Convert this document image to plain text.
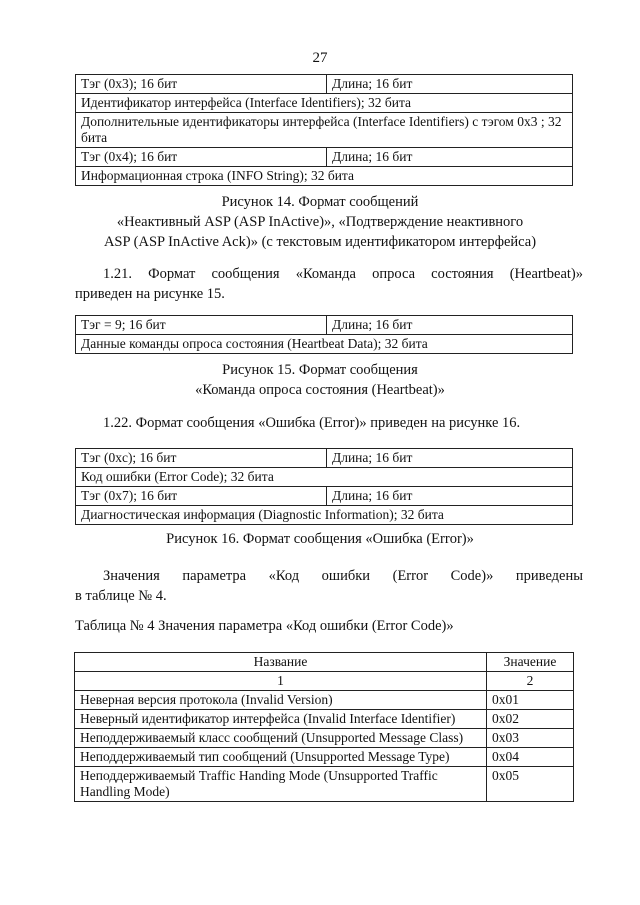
27
Тэг (0x3); 16 бит	Длина; 16 бит
Идентификатор интерфейса (Interface Identifiers); 32 бита	
Дополнительные идентификаторы интерфейса (Interface Identifiers) с тэгом 0x3 ; 32 бита	
Тэг (0x4); 16 бит	Длина; 16 бит
Информационная строка (INFO String); 32 бита	
Рисунок 14. Формат сообщений
«Неактивный ASP (ASP InActive)», «Подтверждение неактивного
ASP (ASP InActive Ack)» (с текстовым идентификатором интерфейса)
1.21. Формат сообщения «Команда опроса состояния (Heartbeat)»
приведен на рисунке 15.
Тэг = 9; 16 бит	Длина; 16 бит
Данные команды опроса состояния (Heartbeat Data); 32 бита
Рисунок 15. Формат сообщения
«Команда опроса состояния (Heartbeat)»
1.22. Формат сообщения «Ошибка (Error)» приведен на рисунке 16.
Тэг (0xc); 16 бит	Длина; 16 бит
Код ошибки (Error Code); 32 бита	
Тэг (0x7); 16 бит	Длина; 16 бит
Диагностическая информация (Diagnostic Information); 32 бита	
Рисунок 16. Формат сообщения «Ошибка (Error)»
Значения параметра «Код ошибки (Error Code)» приведены
в таблице № 4.
Таблица № 4 Значения параметра «Код ошибки (Error Code)»
Название	Значение
1	2
Неверная версия протокола (Invalid Version)	0x01
Неверный идентификатор интерфейса (Invalid Interface Identifier)	0x02
Неподдерживаемый класс сообщений (Unsupported Message Class)	0x03
Неподдерживаемый тип сообщений (Unsupported Message Type)	0x04
Неподдерживаемый Traffic Handing Mode (Unsupported Traffic Handling Mode)	0x05
